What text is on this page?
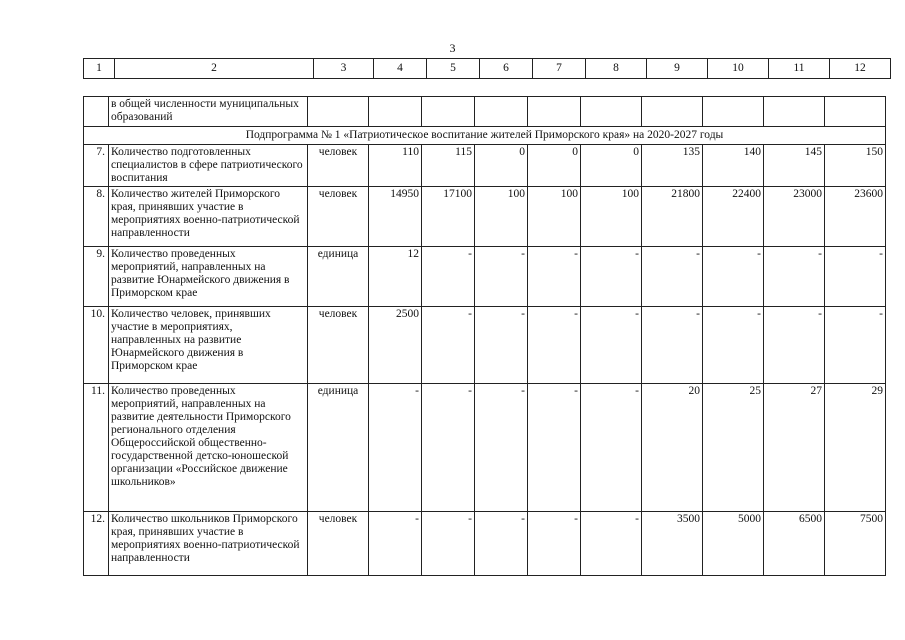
3
1	2	3	4	5	6	7	8	9	10	11	12
	в общей численности муниципальных образований										
Подпрограмма № 1 «Патриотическое воспитание жителей Приморского края» на 2020-2027 годы											
7.	Количество подготовленных специалистов в сфере патриотического воспитания	человек	110	115	0	0	0	135	140	145	150
8.	Количество жителей Приморского края, принявших участие в мероприятиях военно-патриотической направленности	человек	14950	17100	100	100	100	21800	22400	23000	23600
9.	Количество проведенных мероприятий, направленных на развитие Юнармейского движения в Приморском крае	единица	12	-	-	-	-	-	-	-	-
10.	Количество человек, принявших участие в мероприятиях, направленных на развитие Юнармейского движения в Приморском крае	человек	2500	-	-	-	-	-	-	-	-
11.	Количество проведенных мероприятий, направленных на развитие деятельности Приморского регионального отделения Общероссийской общественно-государственной детско-юношеской организации «Российское движение школьников»	единица	-	-	-	-	-	20	25	27	29
12.	Количество школьников Приморского края, принявших участие в мероприятиях военно-патриотической направленности	человек	-	-	-	-	-	3500	5000	6500	7500
